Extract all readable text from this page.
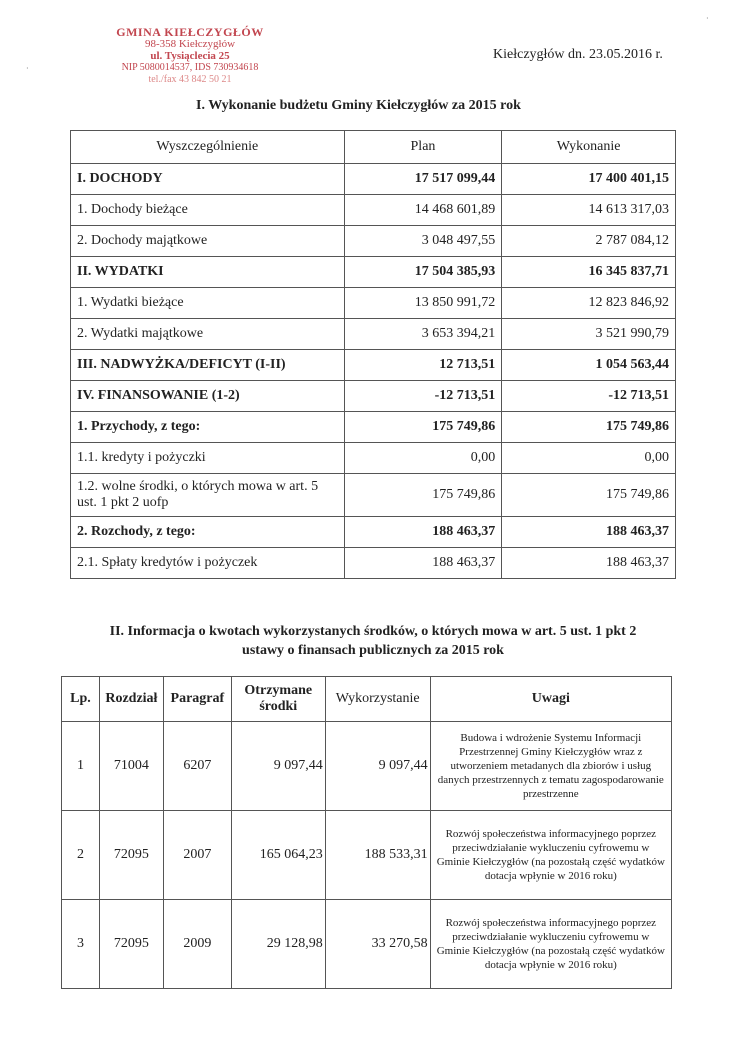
GMINA KIEŁCZYGŁÓW
98-358 Kiełczygłów
ul. Tysiąclecia 25
NIP 5080014537, IDS 730934618
tel./fax 43 842 50 21
Kiełczygłów dn. 23.05.2016 r.
I. Wykonanie budżetu Gminy Kiełczygłów za 2015 rok
Wyszczególnienie	Plan	Wykonanie
I. DOCHODY	17 517 099,44	17 400 401,15
1. Dochody bieżące	14 468 601,89	14 613 317,03
2. Dochody majątkowe	3 048 497,55	2 787 084,12
II. WYDATKI	17 504 385,93	16 345 837,71
1. Wydatki bieżące	13 850 991,72	12 823 846,92
2. Wydatki majątkowe	3 653 394,21	3 521 990,79
III. NADWYŻKA/DEFICYT (I-II)	12 713,51	1 054 563,44
IV. FINANSOWANIE (1-2)	-12 713,51	-12 713,51
1. Przychody, z tego:	175 749,86	175 749,86
1.1. kredyty i pożyczki	0,00	0,00
1.2. wolne środki, o których mowa w art. 5 ust. 1 pkt 2 uofp	175 749,86	175 749,86
2. Rozchody, z tego:	188 463,37	188 463,37
2.1. Spłaty kredytów i pożyczek	188 463,37	188 463,37
II. Informacja o kwotach wykorzystanych środków, o których mowa w art. 5 ust. 1 pkt 2
ustawy o finansach publicznych za 2015 rok
Lp.	Rozdział	Paragraf	Otrzymane środki	Wykorzystanie	Uwagi
1	71004	6207	9 097,44	9 097,44	Budowa i wdrożenie Systemu Informacji Przestrzennej Gminy Kiełczygłów wraz z utworzeniem metadanych dla zbiorów i usług danych przestrzennych z tematu zagospodarowanie przestrzenne
2	72095	2007	165 064,23	188 533,31	Rozwój społeczeństwa informacyjnego poprzez przeciwdziałanie wykluczeniu cyfrowemu w Gminie Kiełczygłów (na pozostałą część wydatków dotacja wpłynie w 2016 roku)
3	72095	2009	29 128,98	33 270,58	Rozwój społeczeństwa informacyjnego poprzez przeciwdziałanie wykluczeniu cyfrowemu w Gminie Kiełczygłów (na pozostałą część wydatków dotacja wpłynie w 2016 roku)
·
·
